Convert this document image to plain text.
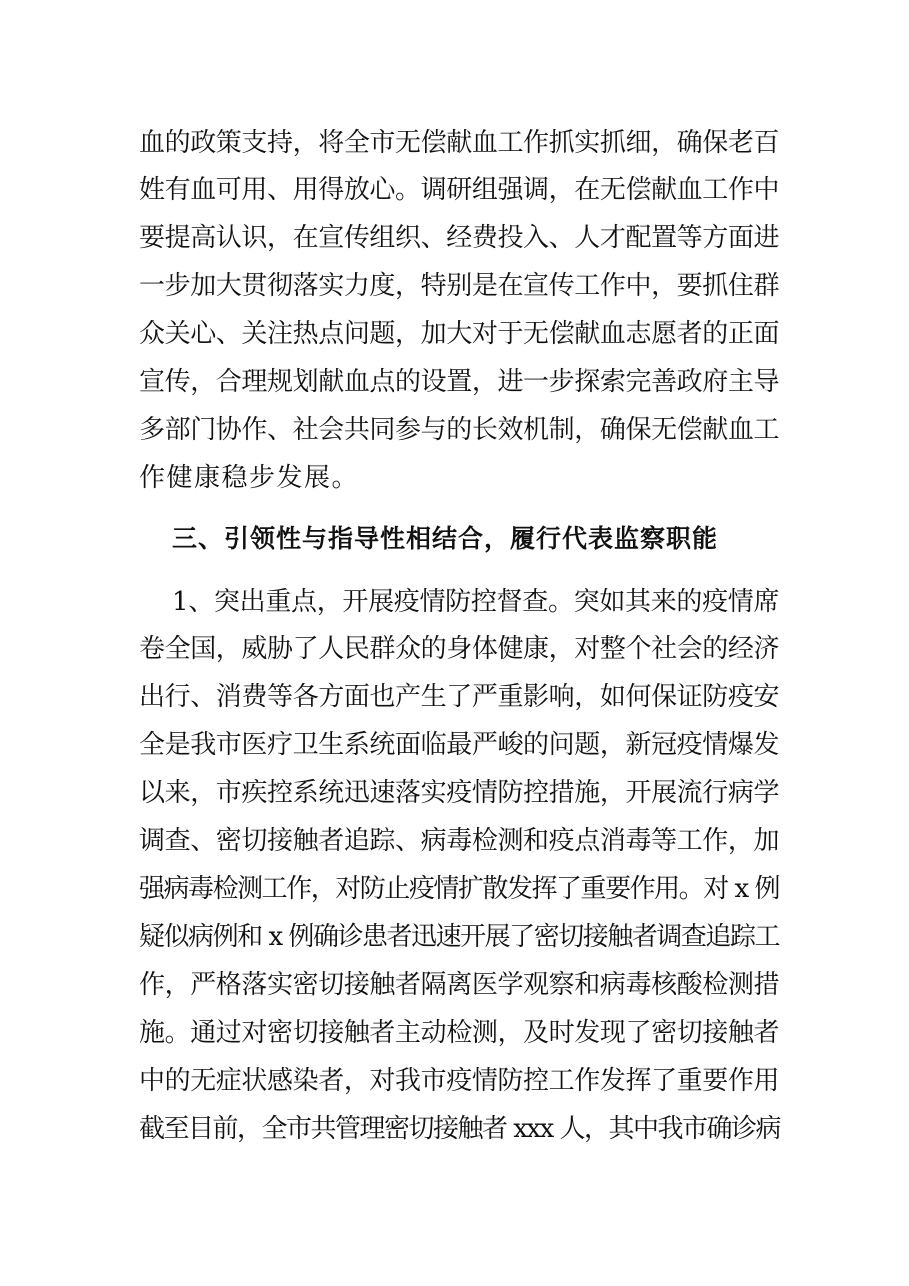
血的政策支持，将全市无偿献血工作抓实抓细，确保老百
姓有血可用、用得放心。调研组强调，在无偿献血工作中
要提高认识，在宣传组织、经费投入、人才配置等方面进
一步加大贯彻落实力度，特别是在宣传工作中，要抓住群
众关心、关注热点问题，加大对于无偿献血志愿者的正面
宣传，合理规划献血点的设置，进一步探索完善政府主导
多部门协作、社会共同参与的长效机制，确保无偿献血工
作健康稳步发展。
三、引领性与指导性相结合，履行代表监察职能
1、突出重点，开展疫情防控督查。突如其来的疫情席
卷全国，威胁了人民群众的身体健康，对整个社会的经济
出行、消费等各方面也产生了严重影响，如何保证防疫安
全是我市医疗卫生系统面临最严峻的问题，新冠疫情爆发
以来，市疾控系统迅速落实疫情防控措施，开展流行病学
调查、密切接触者追踪、病毒检测和疫点消毒等工作，加
强病毒检测工作，对防止疫情扩散发挥了重要作用。对 x 例
疑似病例和 x 例确诊患者迅速开展了密切接触者调查追踪工
作，严格落实密切接触者隔离医学观察和病毒核酸检测措
施。通过对密切接触者主动检测，及时发现了密切接触者
中的无症状感染者，对我市疫情防控工作发挥了重要作用
截至目前，全市共管理密切接触者 xxx 人，其中我市确诊病
